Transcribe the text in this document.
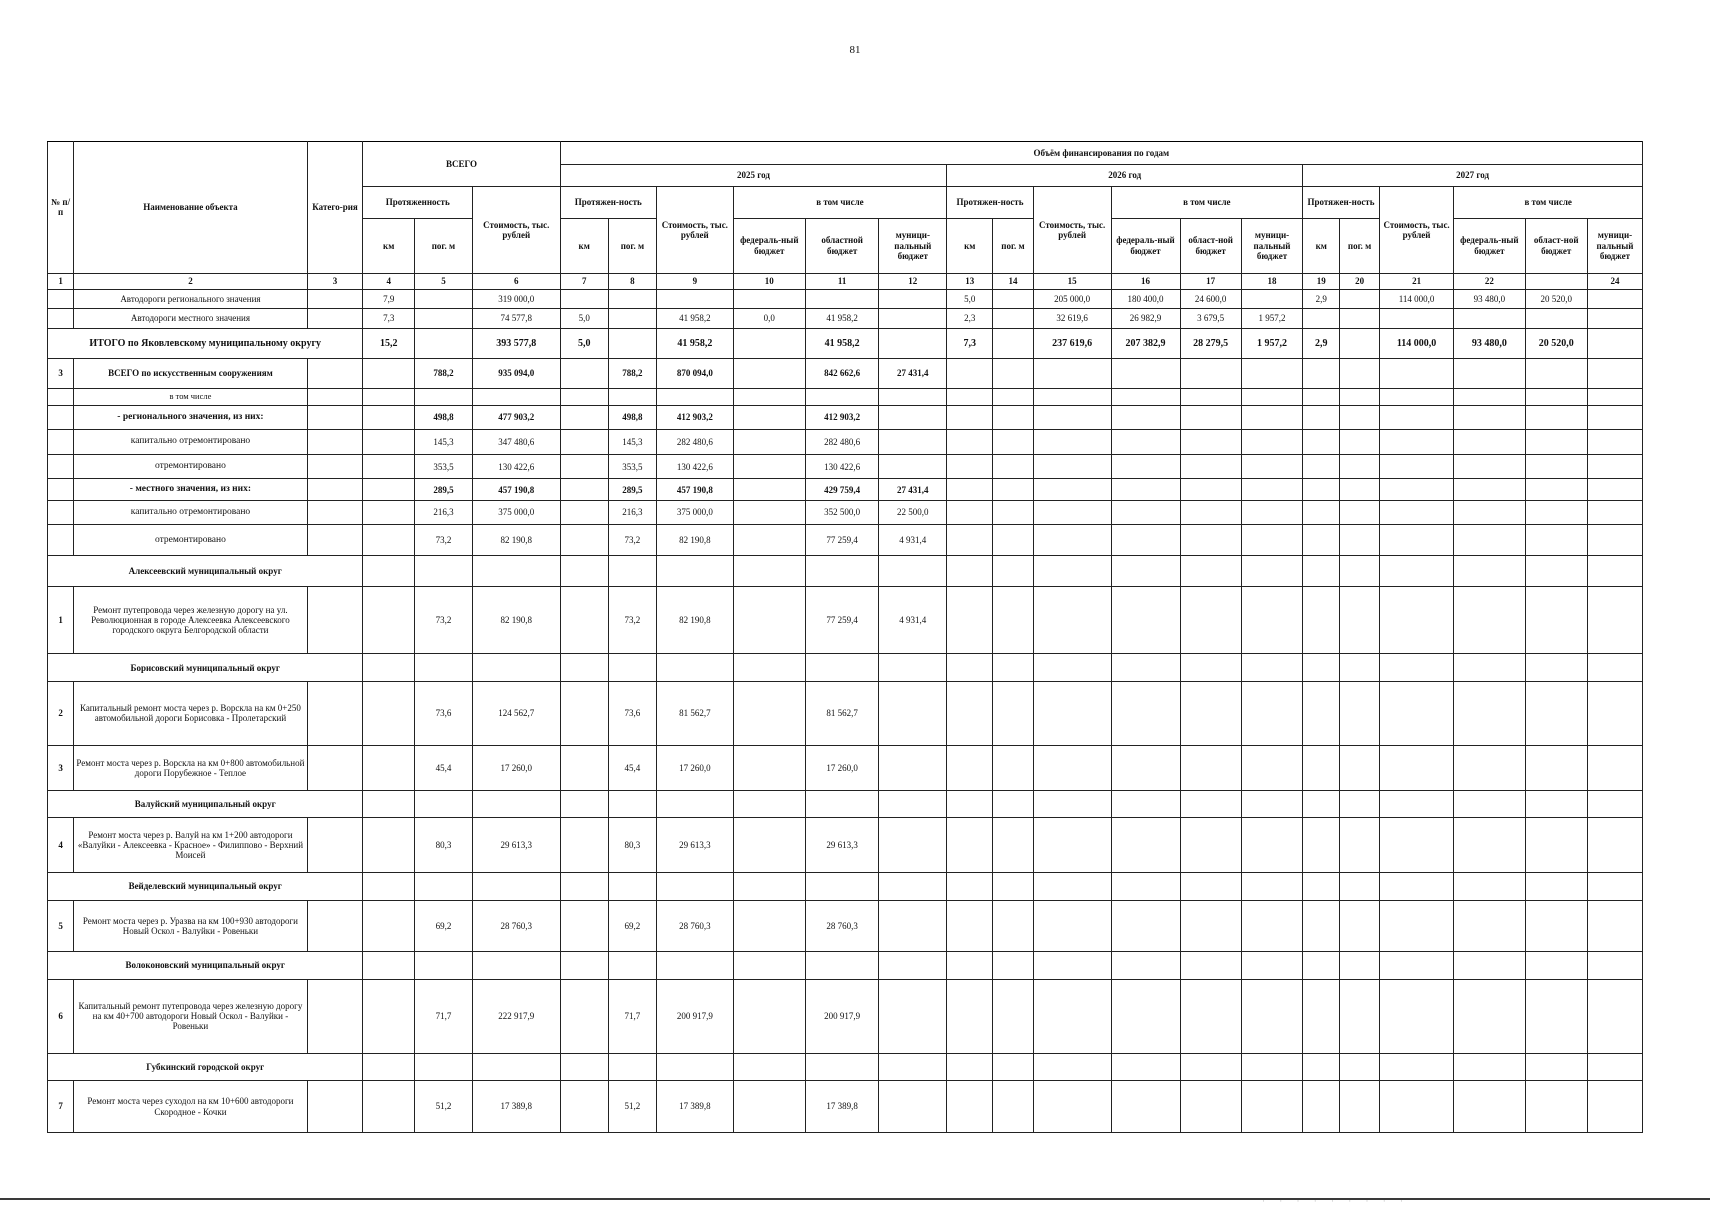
81
№ п/п	Наименование объекта	Катего-рия	ВСЕГО			Объём финансирования по годам																	
						2025 год						2026 год						2027 год					
			Протяженность		Стоимость, тыс. рублей	Протяжен-ность		Стоимость, тыс. рублей	в том числе			Протяжен-ность		Стоимость, тыс. рублей	в том числе			Протяжен-ность		Стоимость, тыс. рублей	в том числе		
			км	пог. м		км	пог. м		федераль-ный бюджет	областной бюджет	муници-пальный бюджет	км	пог. м		федераль-ный бюджет	област-ной бюджет	муници-пальный бюджет	км	пог. м		федераль-ный бюджет	област-ной бюджет	муници-пальный бюджет
1	2	3	4	5	6	7	8	9	10	11	12	13	14	15	16	17	18	19	20	21	22		24
	Автодороги регионального значения		7,9		319 000,0							5,0		205 000,0	180 400,0	24 600,0		2,9		114 000,0	93 480,0	20 520,0	
	Автодороги местного значения		7,3		74 577,8	5,0		41 958,2	0,0	41 958,2		2,3		32 619,6	26 982,9	3 679,5	1 957,2						
ИТОГО по Яковлевскому муниципальному округу			15,2		393 577,8	5,0		41 958,2		41 958,2		7,3		237 619,6	207 382,9	28 279,5	1 957,2	2,9		114 000,0	93 480,0	20 520,0	
3	ВСЕГО по искусственным сооружениям			788,2	935 094,0		788,2	870 094,0		842 662,6	27 431,4												
	в том числе																						
	- регионального значения, из них:			498,8	477 903,2		498,8	412 903,2		412 903,2													
	капитально отремонтировано			145,3	347 480,6		145,3	282 480,6		282 480,6													
	отремонтировано			353,5	130 422,6		353,5	130 422,6		130 422,6													
	- местного значения, из них:			289,5	457 190,8		289,5	457 190,8		429 759,4	27 431,4												
	капитально отремонтировано			216,3	375 000,0		216,3	375 000,0		352 500,0	22 500,0												
	отремонтировано			73,2	82 190,8		73,2	82 190,8		77 259,4	4 931,4												
Алексеевский муниципальный округ																							
1	Ремонт путепровода через железную дорогу на ул. Революционная в городе Алексеевка Алексеевского городского округа Белгородской области			73,2	82 190,8		73,2	82 190,8		77 259,4	4 931,4												
Борисовский муниципальный округ																							
2	Капитальный ремонт моста через р. Ворскла на км 0+250 автомобильной дороги Борисовка - Пролетарский			73,6	124 562,7		73,6	81 562,7		81 562,7													
3	Ремонт моста через р. Ворскла на км 0+800 автомобильной дороги Порубежное - Теплое			45,4	17 260,0		45,4	17 260,0		17 260,0													
Валуйский муниципальный округ																							
4	Ремонт моста через р. Валуй на км 1+200 автодороги «Валуйки - Алексеевка - Красное» - Филиппово - Верхний Моисей			80,3	29 613,3		80,3	29 613,3		29 613,3													
Вейделевский муниципальный округ																							
5	Ремонт моста через р. Уразва на км 100+930 автодороги Новый Оскол - Валуйки - Ровеньки			69,2	28 760,3		69,2	28 760,3		28 760,3													
Волоконовский муниципальный округ																							
6	Капитальный ремонт путепровода через железную дорогу на км 40+700 автодороги Новый Оскол - Валуйки - Ровеньки			71,7	222 917,9		71,7	200 917,9		200 917,9													
Губкинский городской округ																							
7	Ремонт моста через суходол на км 10+600 автодороги Скородное - Кочки			51,2	17 389,8		51,2	17 389,8		17 389,8													
· · · · · · · · ·
